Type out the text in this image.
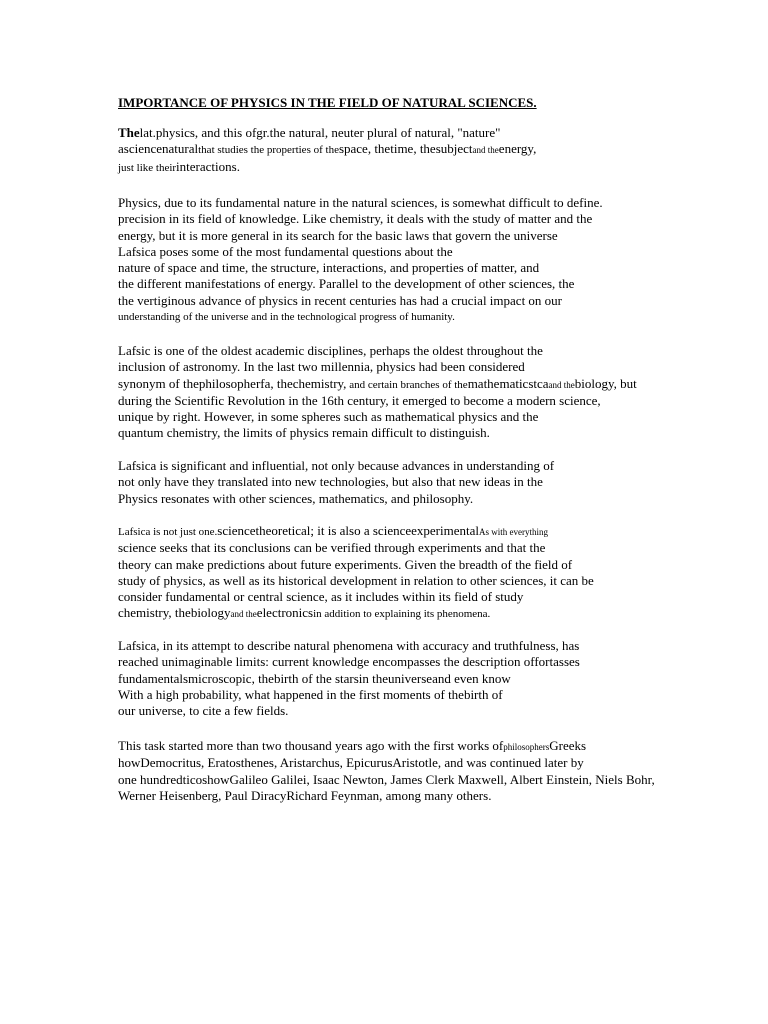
IMPORTANCE OF PHYSICS IN THE FIELD OF NATURAL SCIENCES.

Thelat.physics, and this ofgr.the natural, neuter plural of natural, "nature"
asciencenaturalthat studies the properties of thespace, thetime, thesubjectand theenergy,
just like theirinteractions.

Physics, due to its fundamental nature in the natural sciences, is somewhat difficult to define.
precision in its field of knowledge. Like chemistry, it deals with the study of matter and the
energy, but it is more general in its search for the basic laws that govern the universe
Lafsica poses some of the most fundamental questions about the
nature of space and time, the structure, interactions, and properties of matter, and
the different manifestations of energy. Parallel to the development of other sciences, the
the vertiginous advance of physics in recent centuries has had a crucial impact on our
understanding of the universe and in the technological progress of humanity.

Lafsic is one of the oldest academic disciplines, perhaps the oldest throughout the
inclusion of astronomy. In the last two millennia, physics had been considered
synonym of thephilosopherfa, thechemistry, and certain branches of themathematicstcaand thebiology, but
during the Scientific Revolution in the 16th century, it emerged to become a modern science,
unique by right. However, in some spheres such as mathematical physics and the
quantum chemistry, the limits of physics remain difficult to distinguish.

Lafsica is significant and influential, not only because advances in understanding of
not only have they translated into new technologies, but also that new ideas in the
Physics resonates with other sciences, mathematics, and philosophy.

Lafsica is not just one.sciencetheoretical; it is also a scienceexperimentalAs with everything
science seeks that its conclusions can be verified through experiments and that the
theory can make predictions about future experiments. Given the breadth of the field of
study of physics, as well as its historical development in relation to other sciences, it can be
consider fundamental or central science, as it includes within its field of study
chemistry, thebiologyand theelectronicsin addition to explaining its phenomena.

Lafsica, in its attempt to describe natural phenomena with accuracy and truthfulness, has
reached unimaginable limits: current knowledge encompasses the description offortasses
fundamentalsmicroscopic, thebirth of the starsin theuniverseand even know
With a high probability, what happened in the first moments of thebirth of
our universe, to cite a few fields.

This task started more than two thousand years ago with the first works ofphilosophersGreeks
howDemocritus, Eratosthenes, Aristarchus, EpicurusAristotle, and was continued later by
one hundredticoshowGalileo Galilei, Isaac Newton, James Clerk Maxwell, Albert Einstein, Niels Bohr,
Werner Heisenberg, Paul DiracyRichard Feynman, among many others.
